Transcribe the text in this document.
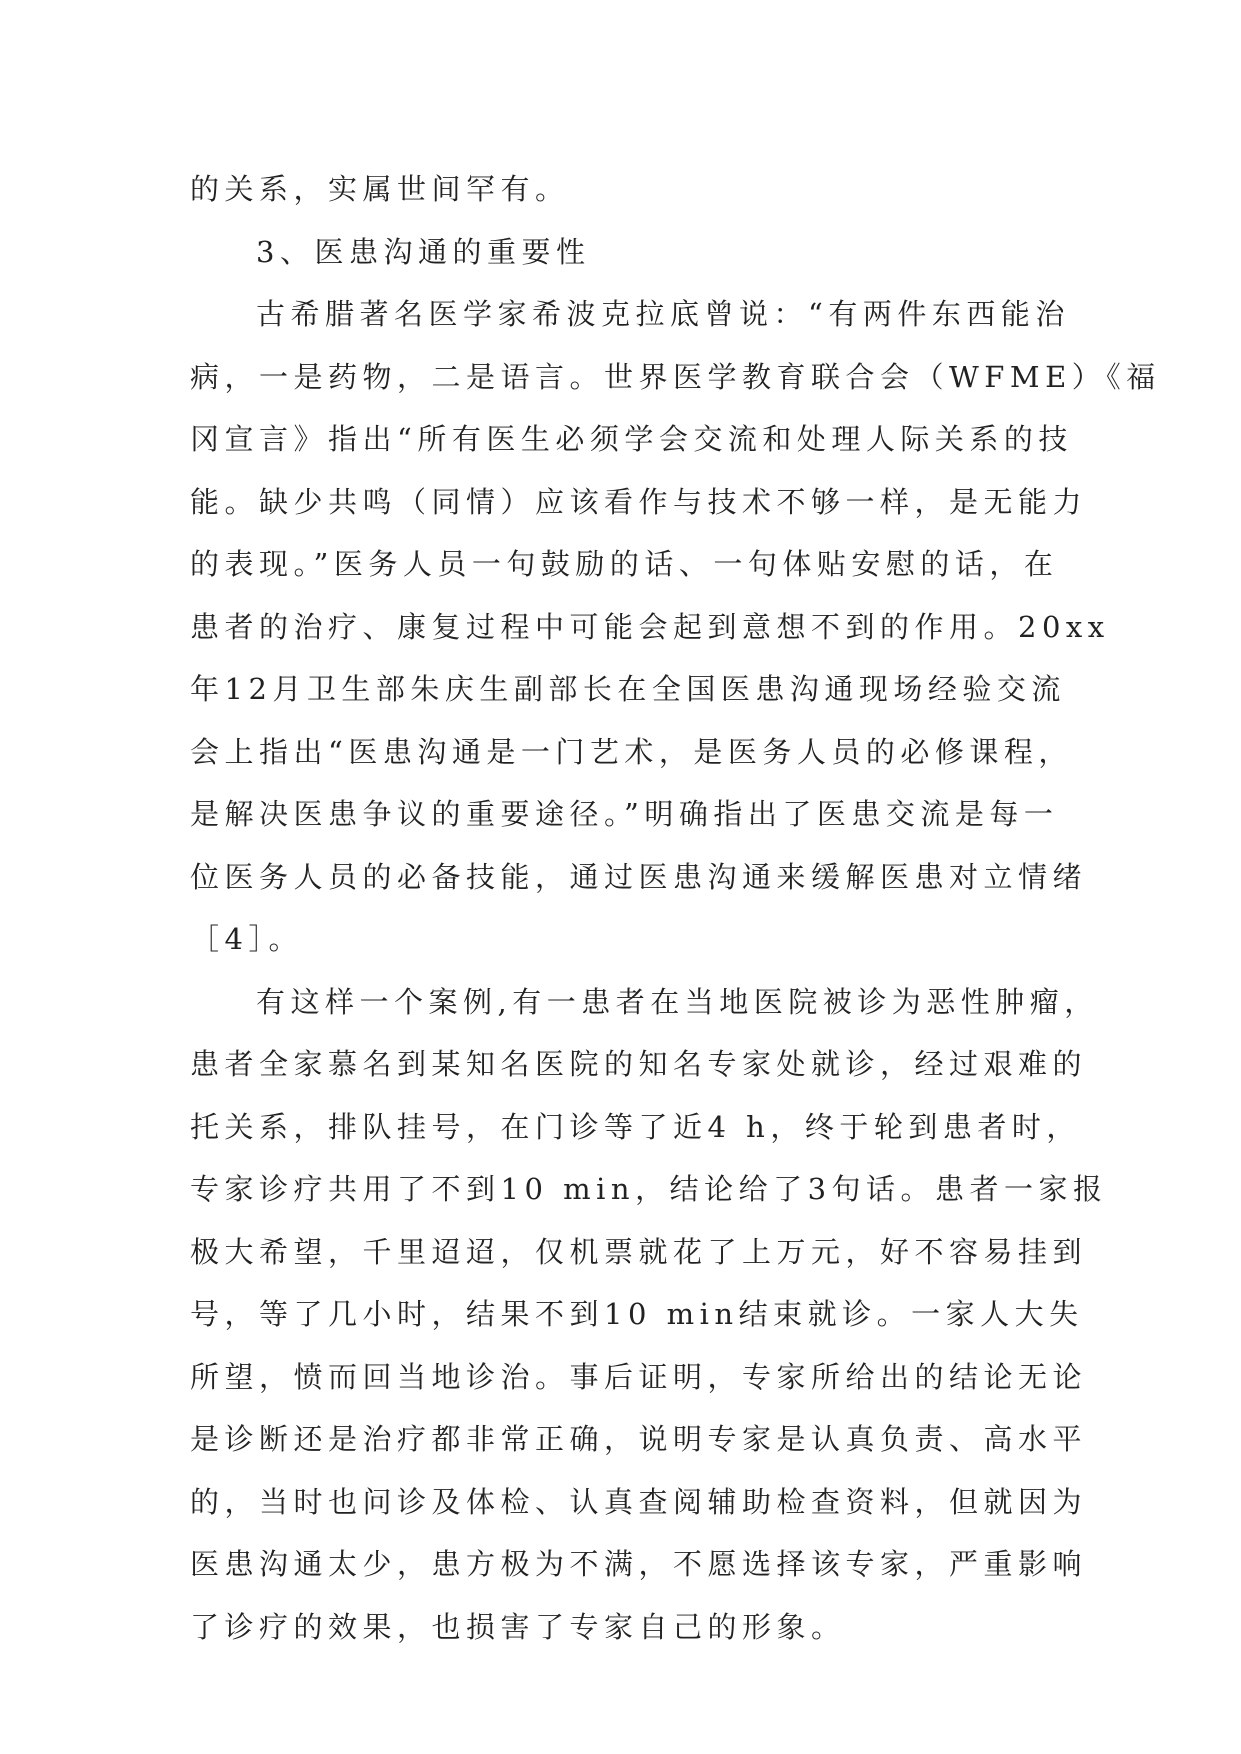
的关系，实属世间罕有。
3、医患沟通的重要性
古希腊著名医学家希波克拉底曾说：“有两件东西能治
病，一是药物，二是语言。世界医学教育联合会（WFME）《福
冈宣言》指出“所有医生必须学会交流和处理人际关系的技
能。缺少共鸣（同情）应该看作与技术不够一样，是无能力
的表现。”医务人员一句鼓励的话、一句体贴安慰的话，在
患者的治疗、康复过程中可能会起到意想不到的作用。20xx
年12月卫生部朱庆生副部长在全国医患沟通现场经验交流
会上指出“医患沟通是一门艺术，是医务人员的必修课程，
是解决医患争议的重要途径。”明确指出了医患交流是每一
位医务人员的必备技能，通过医患沟通来缓解医患对立情绪
［4］。
有这样一个案例,有一患者在当地医院被诊为恶性肿瘤，
患者全家慕名到某知名医院的知名专家处就诊，经过艰难的
托关系，排队挂号，在门诊等了近4 h，终于轮到患者时，
专家诊疗共用了不到10 min，结论给了3句话。患者一家报
极大希望，千里迢迢，仅机票就花了上万元，好不容易挂到
号，等了几小时，结果不到10 min结束就诊。一家人大失
所望，愤而回当地诊治。事后证明，专家所给出的结论无论
是诊断还是治疗都非常正确，说明专家是认真负责、高水平
的，当时也问诊及体检、认真查阅辅助检查资料，但就因为
医患沟通太少，患方极为不满，不愿选择该专家，严重影响
了诊疗的效果，也损害了专家自己的形象。
